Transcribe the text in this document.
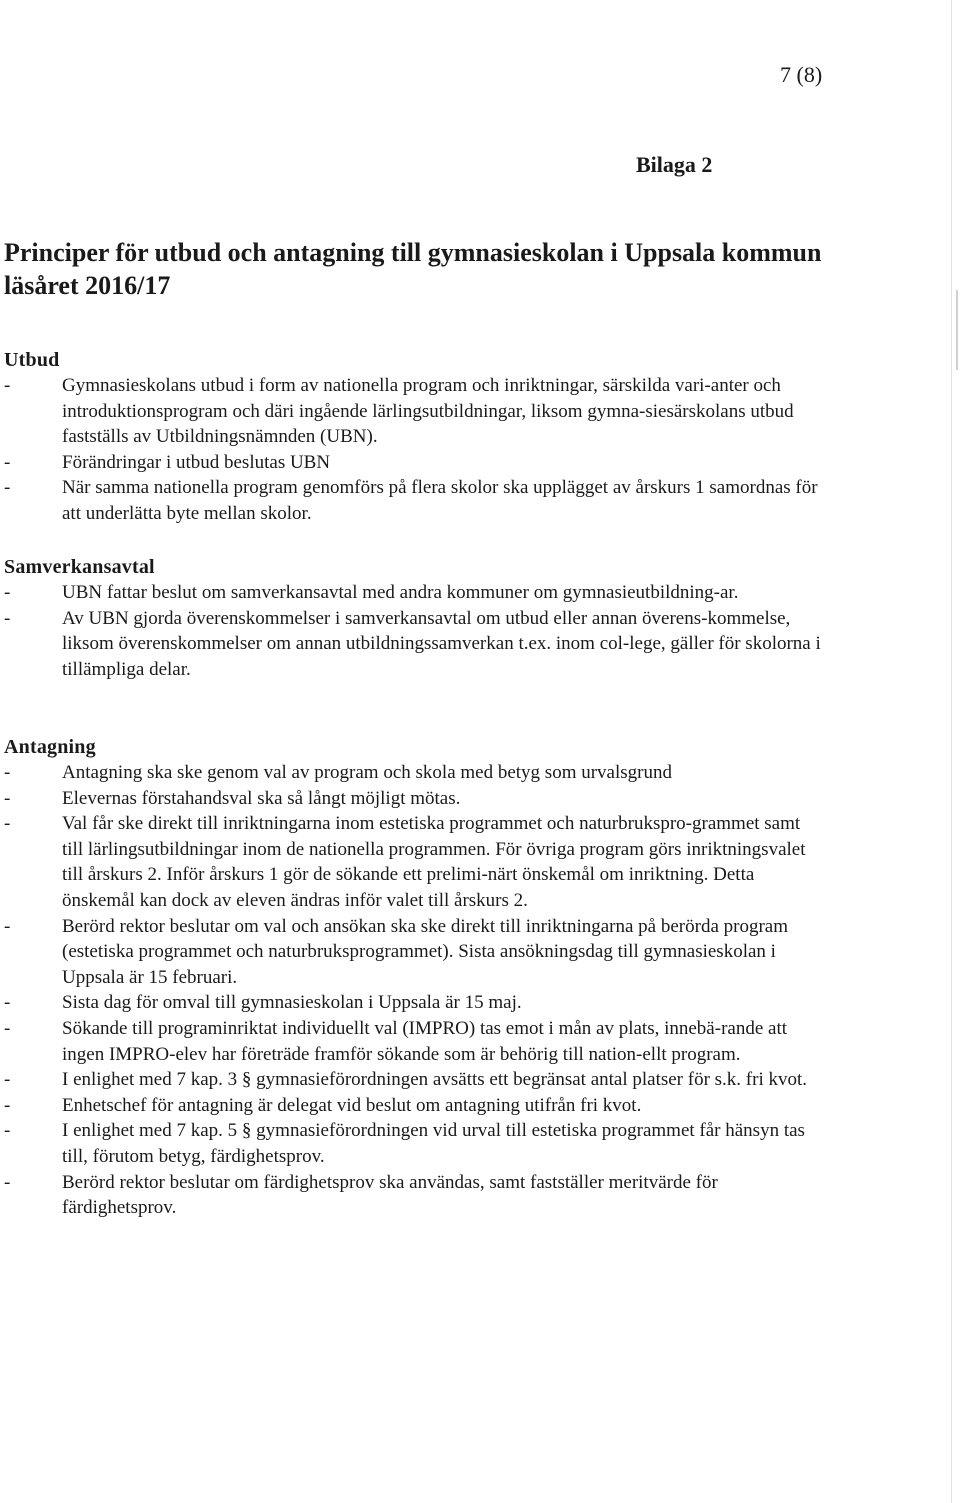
7 (8)
Bilaga 2
Principer för utbud och antagning till gymnasieskolan i Uppsala kommun läsåret 2016/17
Utbud
-	Gymnasieskolans utbud i form av nationella program och inriktningar, särskilda vari-anter och introduktionsprogram och däri ingående lärlingsutbildningar, liksom gymna-siesärskolans utbud fastställs av Utbildningsnämnden (UBN).
-	Förändringar i utbud beslutas UBN
-	När samma nationella program genomförs på flera skolor ska upplägget av årskurs 1 samordnas för att underlätta byte mellan skolor.
Samverkansavtal
-	UBN fattar beslut om samverkansavtal med andra kommuner om gymnasieutbildning-ar.
-	Av UBN gjorda överenskommelser i samverkansavtal om utbud eller annan överens-kommelse, liksom överenskommelser om annan utbildningssamverkan t.ex. inom col-lege, gäller för skolorna i tillämpliga delar.
Antagning
-	Antagning ska ske genom val av program och skola med betyg som urvalsgrund
-	Elevernas förstahandsval ska så långt möjligt mötas.
-	Val får ske direkt till inriktningarna inom estetiska programmet och naturbrukspro-grammet samt till lärlingsutbildningar inom de nationella programmen. För övriga program görs inriktningsvalet till årskurs 2. Inför årskurs 1 gör de sökande ett prelimi-närt önskemål om inriktning. Detta önskemål kan dock av eleven ändras inför valet till årskurs 2.
-	Berörd rektor beslutar om val och ansökan ska ske direkt till inriktningarna på berörda program (estetiska programmet och naturbruksprogrammet). Sista ansökningsdag till gymnasieskolan i Uppsala är 15 februari.
-	Sista dag för omval till gymnasieskolan i Uppsala är 15 maj.
-	Sökande till programinriktat individuellt val (IMPRO) tas emot i mån av plats, innebä-rande att ingen IMPRO-elev har företräde framför sökande som är behörig till nation-ellt program.
-	I enlighet med 7 kap. 3 § gymnasieförordningen avsätts ett begränsat antal platser för s.k. fri kvot.
-	Enhetschef för antagning är delegat vid beslut om antagning utifrån fri kvot.
-	I enlighet med 7 kap. 5 § gymnasieförordningen vid urval till estetiska programmet får hänsyn tas till, förutom betyg, färdighetsprov.
-	Berörd rektor beslutar om färdighetsprov ska användas, samt fastställer meritvärde för färdighetsprov.
